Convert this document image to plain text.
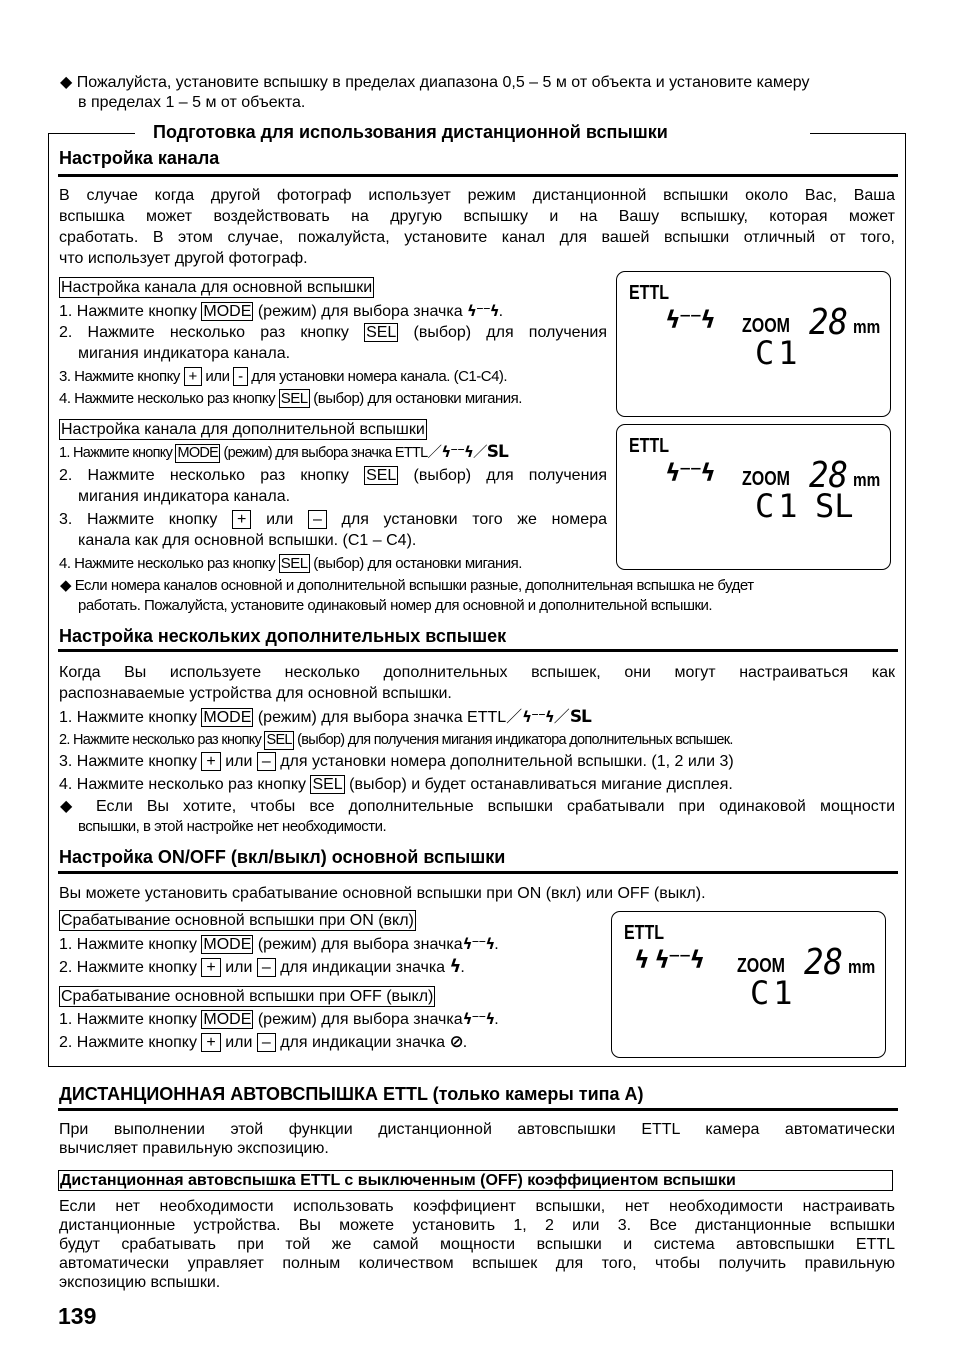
◆ Пожалуйста, установите вспышку в пределах диапазона 0,5 – 5 м от объекта и установите камеру
в пределах 1 – 5 м от объекта.
Подготовка для использования дистанционной вспышки
Настройка канала
В случае когда другой фотограф использует режим дистанционной вспышки около Вас, Ваша
вспышка может воздействовать на другую вспышку и на Вашу вспышку, которая может
сработать. В этом случае, пожалуйста, установите канал для вашей вспышки отличный от того,
что использует другой фотограф.
Настройка канала для основной вспышки
1. Нажмите кнопку MODE (режим) для выбора значка ϟ⁻⁻ϟ.
2. Нажмите несколько раз кнопку SEL (выбор) для получения
мигания индикатора канала.
3. Нажмите кнопку + или - для установки номера канала. (С1-С4).
4. Нажмите несколько раз кнопку SEL (выбор) для остановки мигания.
Настройка канала для дополнительной вспышки
1. Нажмите кнопку MODE (режим) для выбора значка ETTL／ϟ⁻⁻ϟ／SL
2. Нажмите несколько раз кнопку SEL (выбор) для получения
мигания индикатора канала.
3. Нажмите кнопку + или – для установки того же номера
канала как для основной вспышки. (С1 – С4).
4. Нажмите несколько раз кнопку SEL (выбор) для остановки мигания.
◆ Если номера каналов основной и дополнительной вспышки разные, дополнительная вспышка не будет
работать. Пожалуйста, установите одинаковый номер для основной и дополнительной вспышки.
ETTL
ϟ⁻⁻ϟ ZOOM 28 mm
C1
ETTL
ϟ⁻⁻ϟ ZOOM 28 mm
C1 SL
Настройка нескольких дополнительных вспышек
Когда Вы используете несколько дополнительных вспышек, они могут настраиваться как
распознаваемые устройства для основной вспышки.
1. Нажмите кнопку MODE (режим) для выбора значка ETTL／ϟ⁻⁻ϟ／SL
2. Нажмите несколько раз кнопку SEL (выбор) для получения мигания индикатора дополнительных вспышек.
3. Нажмите кнопку + или – для установки номера дополнительной вспышки. (1, 2 или 3)
4. Нажмите несколько раз кнопку SEL (выбор) и будет останавливаться мигание дисплея.
◆ Если Вы хотите, чтобы все дополнительные вспышки срабатывали при одинаковой мощности
вспышки, в этой настройке нет необходимости.
Настройка ON/OFF (вкл/выкл) основной вспышки
Вы можете установить срабатывание основной вспышки при ON (вкл) или OFF (выкл).
Срабатывание основной вспышки при ON (вкл)
1. Нажмите кнопку MODE (режим) для выбора значкаϟ⁻⁻ϟ.
2. Нажмите кнопку + или – для индикации значка ϟ.
Срабатывание основной вспышки при OFF (выкл)
1. Нажмите кнопку MODE (режим) для выбора значкаϟ⁻⁻ϟ.
2. Нажмите кнопку + или – для индикации значка ⊘.
ETTL
ϟ ϟ⁻⁻ϟ ZOOM 28 mm
C1
ДИСТАНЦИОННАЯ АВТОВСПЫШКА ETTL (только камеры типа А)
При выполнении этой функции дистанционной автовспышки ETTL камера автоматически
вычисляет правильную экспозицию.
Дистанционная автовспышка ETTL с выключенным (OFF) коэффициентом вспышки
Если нет необходимости использовать коэффициент вспышки, нет необходимости настраивать
дистанционные устройства. Вы можете установить 1, 2 или 3. Все дистанционные вспышки
будут срабатывать при той же самой мощности вспышки и система автовспышки ETTL
автоматически управляет полным количеством вспышек для того, чтобы получить правильную
экспозицию вспышки.
139
